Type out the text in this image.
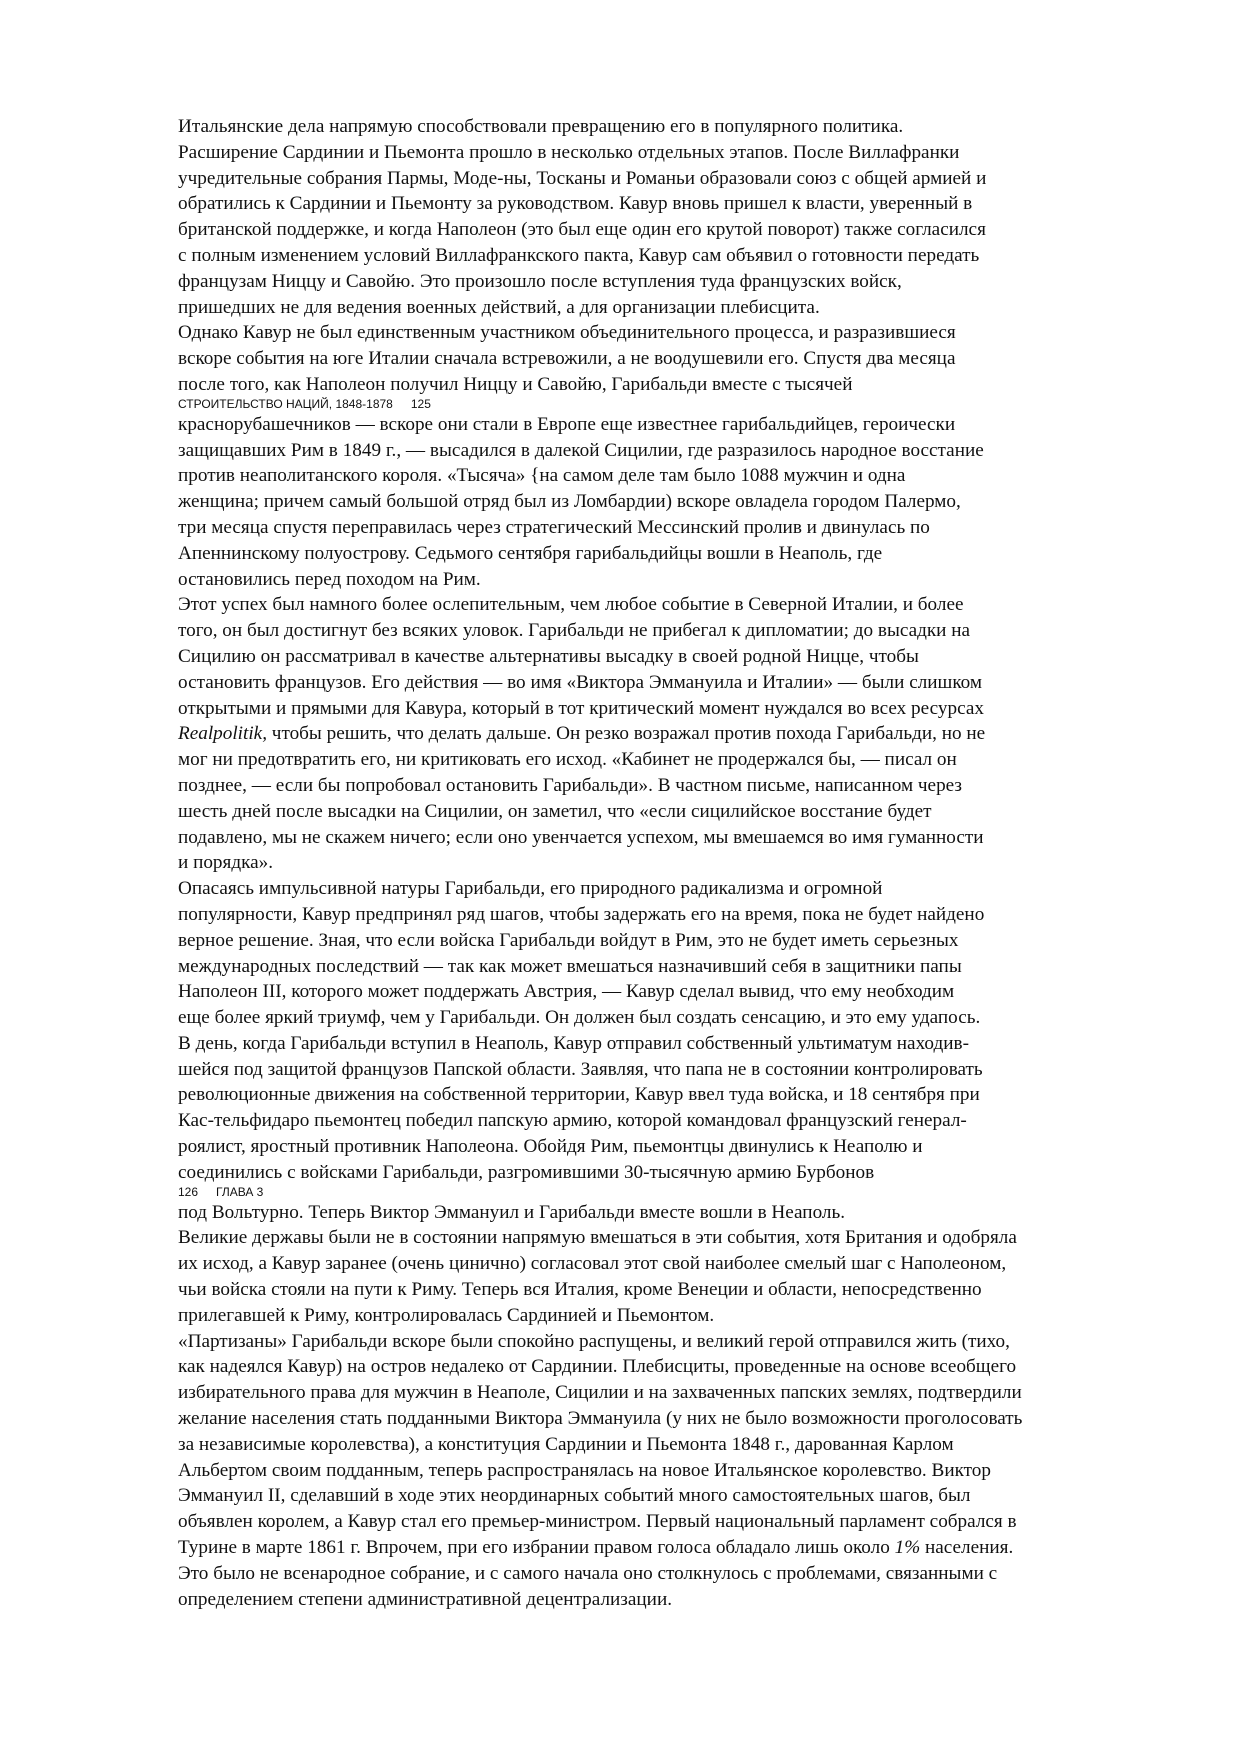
Итальянские дела напрямую способствовали превращению его в популярного политика.
Расширение Сардинии и Пьемонта прошло в несколько отдельных этапов. После Виллафранки
учредительные собрания Пармы, Моде-ны, Тосканы и Романьи образовали союз с общей армией и
обратились к Сардинии и Пьемонту за руководством. Кавур вновь пришел к власти, уверенный в
британской поддержке, и когда Наполеон (это был еще один его крутой поворот) также согласился
с полным изменением условий Виллафранкского пакта, Кавур сам объявил о готовности передать
французам Ниццу и Савойю. Это произошло после вступления туда французских войск,
пришедших не для ведения военных действий, а для организации плебисцита.

Однако Кавур не был единственным участником объединительного процесса, и разразившиеся
вскоре события на юге Италии сначала встревожили, а не воодушевили его. Спустя два месяца
после того, как Наполеон получил Ниццу и Савойю, Гарибальди вместе с тысячей

СТРОИТЕЛЬСТВО НАЦИЙ, 1848-1878 125

краснорубашечников — вскоре они стали в Европе еще известнее гарибальдийцев, героически
защищавших Рим в 1849 г., — высадился в далекой Сицилии, где разразилось народное восстание
против неаполитанского короля. «Тысяча» {на самом деле там было 1088 мужчин и одна
женщина; причем самый большой отряд был из Ломбардии) вскоре овладела городом Палермо,
три месяца спустя переправилась через стратегический Мессинский пролив и двинулась по
Апеннинскому полуострову. Седьмого сентября гарибальдийцы вошли в Неаполь, где
остановились перед походом на Рим.

Этот успех был намного более ослепительным, чем любое событие в Северной Италии, и более
того, он был достигнут без всяких уловок. Гарибальди не прибегал к дипломатии; до высадки на
Сицилию он рассматривал в качестве альтернативы высадку в своей родной Ницце, чтобы
остановить французов. Его действия — во имя «Виктора Эммануила и Италии» — были слишком
открытыми и прямыми для Кавура, который в тот критический момент нуждался во всех ресурсах
Realpolitik, чтобы решить, что делать дальше. Он резко возражал против похода Гарибальди, но не
мог ни предотвратить его, ни критиковать его исход. «Кабинет не продержался бы, — писал он
позднее, — если бы попробовал остановить Гарибальди». В частном письме, написанном через
шесть дней после высадки на Сицилии, он заметил, что «если сицилийское восстание будет
подавлено, мы не скажем ничего; если оно увенчается успехом, мы вмешаемся во имя гуманности
и порядка».

Опасаясь импульсивной натуры Гарибальди, его природного радикализма и огромной
популярности, Кавур предпринял ряд шагов, чтобы задержать его на время, пока не будет найдено
верное решение. Зная, что если войска Гарибальди войдут в Рим, это не будет иметь серьезных
международных последствий — так как может вмешаться назначивший себя в защитники папы
Наполеон III, которого может поддержать Австрия, — Кавур сделал вывид, что ему необходим
еще более яркий триумф, чем у Гарибальди. Он должен был создать сенсацию, и это ему удапось.
В день, когда Гарибальди вступил в Неаполь, Кавур отправил собственный ультиматум находив-
шейся под защитой французов Папской области. Заявляя, что папа не в состоянии контролировать
революционные движения на собственной территории, Кавур ввел туда войска, и 18 сентября при
Кас-тельфидаро пьемонтец победил папскую армию, которой командовал французский генерал-
роялист, яростный противник Наполеона. Обойдя Рим, пьемонтцы двинулись к Неаполю и
соединились с войсками Гарибальди, разгромившими 30-тысячную армию Бурбонов

126 ГЛАВА 3

под Вольтурно. Теперь Виктор Эммануил и Гарибальди вместе вошли в Неаполь.

Великие державы были не в состоянии напрямую вмешаться в эти события, хотя Британия и одобряла
их исход, а Кавур заранее (очень цинично) согласовал этот свой наиболее смелый шаг с Наполеоном,
чьи войска стояли на пути к Риму. Теперь вся Италия, кроме Венеции и области, непосредственно
прилегавшей к Риму, контролировалась Сардинией и Пьемонтом.

«Партизаны» Гарибальди вскоре были спокойно распущены, и великий герой отправился жить (тихо,
как надеялся Кавур) на остров недалеко от Сардинии. Плебисциты, проведенные на основе всеобщего
избирательного права для мужчин в Неаполе, Сицилии и на захваченных папских землях, подтвердили
желание населения стать подданными Виктора Эммануила (у них не было возможности проголосовать
за независимые королевства), а конституция Сардинии и Пьемонта 1848 г., дарованная Карлом
Альбертом своим подданным, теперь распространялась на новое Итальянское королевство. Виктор
Эммануил II, сделавший в ходе этих неординарных событий много самостоятельных шагов, был
объявлен королем, а Кавур стал его премьер-министром. Первый национальный парламент собрался в
Турине в марте 1861 г. Впрочем, при его избрании правом голоса обладало лишь около 1% населения.
Это было не всенародное собрание, и с самого начала оно столкнулось с проблемами, связанными с
определением степени административной децентрализации.
